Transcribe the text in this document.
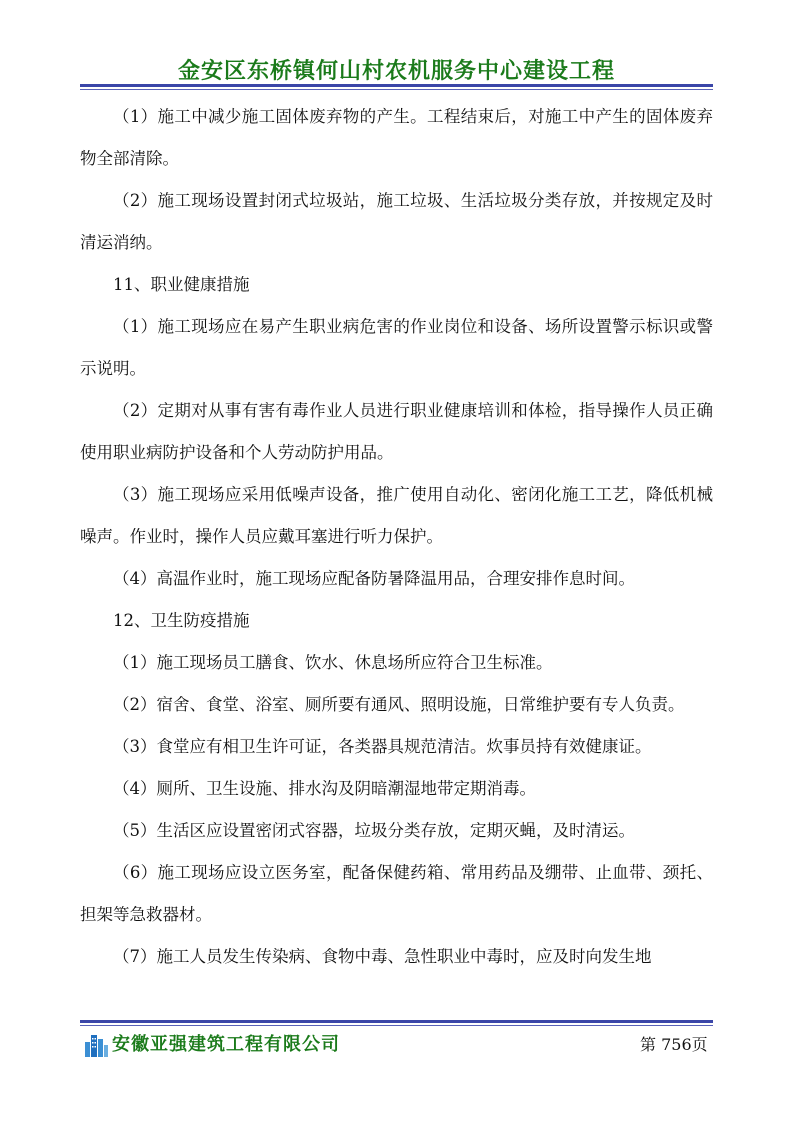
金安区东桥镇何山村农机服务中心建设工程

（1）施工中减少施工固体废弃物的产生。工程结束后，对施工中产生的固体废弃物全部清除。

（2）施工现场设置封闭式垃圾站，施工垃圾、生活垃圾分类存放，并按规定及时清运消纳。

11、职业健康措施

（1）施工现场应在易产生职业病危害的作业岗位和设备、场所设置警示标识或警示说明。

（2）定期对从事有害有毒作业人员进行职业健康培训和体检，指导操作人员正确使用职业病防护设备和个人劳动防护用品。

（3）施工现场应采用低噪声设备，推广使用自动化、密闭化施工工艺，降低机械噪声。作业时，操作人员应戴耳塞进行听力保护。

（4）高温作业时，施工现场应配备防暑降温用品，合理安排作息时间。

12、卫生防疫措施

（1）施工现场员工膳食、饮水、休息场所应符合卫生标准。

（2）宿舍、食堂、浴室、厕所要有通风、照明设施，日常维护要有专人负责。

（3）食堂应有相卫生许可证，各类器具规范清洁。炊事员持有效健康证。

（4）厕所、卫生设施、排水沟及阴暗潮湿地带定期消毒。

（5）生活区应设置密闭式容器，垃圾分类存放，定期灭蝇，及时清运。

（6）施工现场应设立医务室，配备保健药箱、常用药品及绷带、止血带、颈托、担架等急救器材。

（7）施工人员发生传染病、食物中毒、急性职业中毒时，应及时向发生地

安徽亚强建筑工程有限公司	第 756页
